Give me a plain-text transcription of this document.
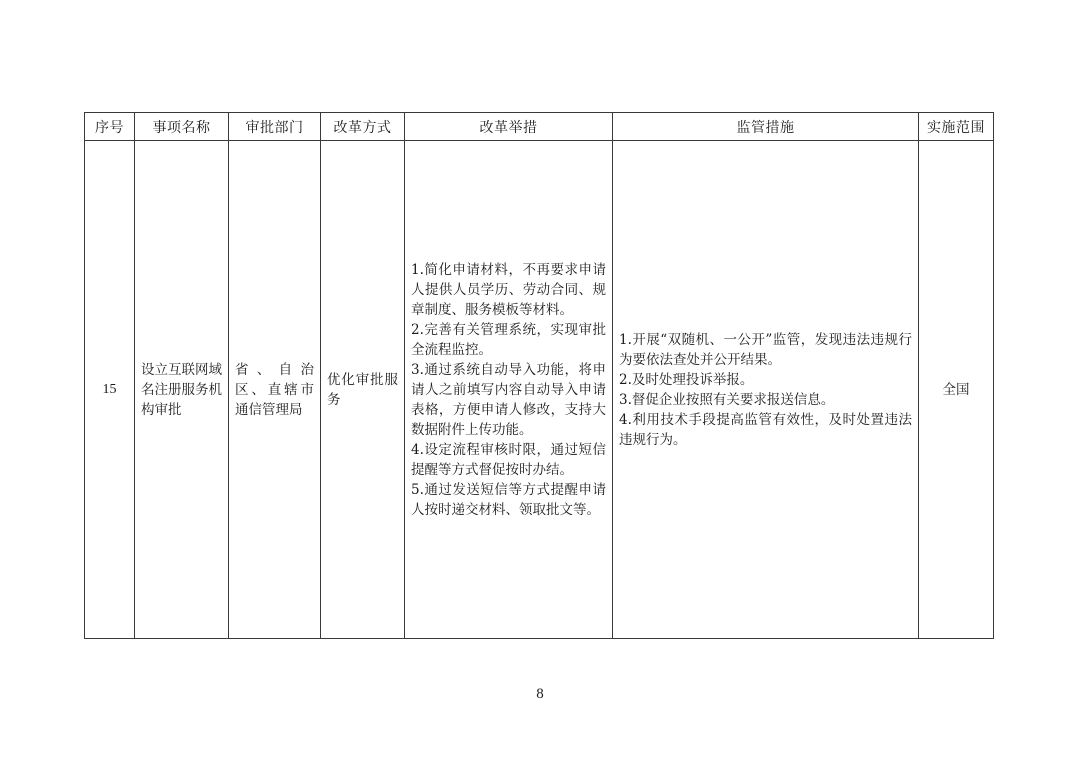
序号	事项名称	审批部门	改革方式	改革举措	监管措施	实施范围
15	设立互联网域名注册服务机构审批	省、自治区、直辖市通信管理局	优化审批服务	1.简化申请材料，不再要求申请人提供人员学历、劳动合同、规章制度、服务模板等材料。
2.完善有关管理系统，实现审批全流程监控。
3.通过系统自动导入功能，将申请人之前填写内容自动导入申请表格，方便申请人修改，支持大数据附件上传功能。
4.设定流程审核时限，通过短信提醒等方式督促按时办结。
5.通过发送短信等方式提醒申请人按时递交材料、领取批文等。	1.开展“双随机、一公开”监管，发现违法违规行为要依法查处并公开结果。
2.及时处理投诉举报。
3.督促企业按照有关要求报送信息。
4.利用技术手段提高监管有效性，及时处置违法违规行为。	全国
8
